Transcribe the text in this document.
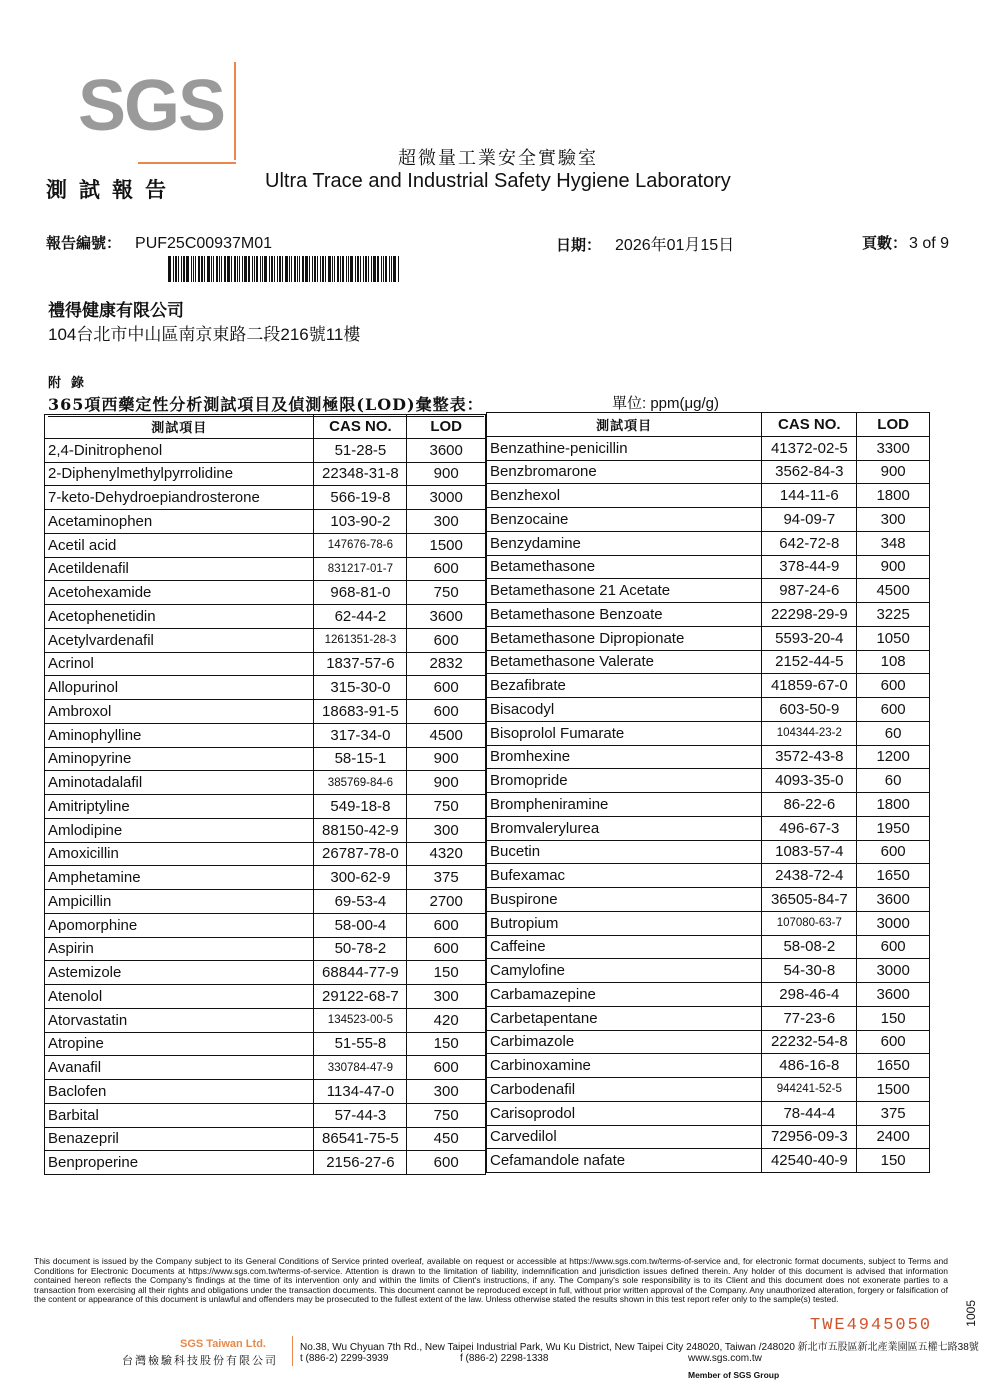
SGS
測試報告
超微量工業安全實驗室
Ultra Trace and Industrial Safety Hygiene Laboratory
報告編號： PUF25C00937M01	日期： 2026年01月15日	頁數： 3 of 9
禮得健康有限公司
104台北市中山區南京東路二段216號11樓
附錄
365項西藥定性分析測試項目及偵測極限(LOD)彙整表：	單位: ppm(μg/g)
測試項目	CAS NO.	LOD
2,4-Dinitrophenol	51-28-5	3600
2-Diphenylmethylpyrrolidine	22348-31-8	900
7-keto-Dehydroepiandrosterone	566-19-8	3000
Acetaminophen	103-90-2	300
Acetil acid	147676-78-6	1500
Acetildenafil	831217-01-7	600
Acetohexamide	968-81-0	750
Acetophenetidin	62-44-2	3600
Acetylvardenafil	1261351-28-3	600
Acrinol	1837-57-6	2832
Allopurinol	315-30-0	600
Ambroxol	18683-91-5	600
Aminophylline	317-34-0	4500
Aminopyrine	58-15-1	900
Aminotadalafil	385769-84-6	900
Amitriptyline	549-18-8	750
Amlodipine	88150-42-9	300
Amoxicillin	26787-78-0	4320
Amphetamine	300-62-9	375
Ampicillin	69-53-4	2700
Apomorphine	58-00-4	600
Aspirin	50-78-2	600
Astemizole	68844-77-9	150
Atenolol	29122-68-7	300
Atorvastatin	134523-00-5	420
Atropine	51-55-8	150
Avanafil	330784-47-9	600
Baclofen	1134-47-0	300
Barbital	57-44-3	750
Benazepril	86541-75-5	450
Benproperine	2156-27-6	600
測試項目	CAS NO.	LOD
Benzathine-penicillin	41372-02-5	3300
Benzbromarone	3562-84-3	900
Benzhexol	144-11-6	1800
Benzocaine	94-09-7	300
Benzydamine	642-72-8	348
Betamethasone	378-44-9	900
Betamethasone 21 Acetate	987-24-6	4500
Betamethasone Benzoate	22298-29-9	3225
Betamethasone Dipropionate	5593-20-4	1050
Betamethasone Valerate	2152-44-5	108
Bezafibrate	41859-67-0	600
Bisacodyl	603-50-9	600
Bisoprolol Fumarate	104344-23-2	60
Bromhexine	3572-43-8	1200
Bromopride	4093-35-0	60
Brompheniramine	86-22-6	1800
Bromvalerylurea	496-67-3	1950
Bucetin	1083-57-4	600
Bufexamac	2438-72-4	1650
Buspirone	36505-84-7	3600
Butropium	107080-63-7	3000
Caffeine	58-08-2	600
Camylofine	54-30-8	3000
Carbamazepine	298-46-4	3600
Carbetapentane	77-23-6	150
Carbimazole	22232-54-8	600
Carbinoxamine	486-16-8	1650
Carbodenafil	944241-52-5	1500
Carisoprodol	78-44-4	375
Carvedilol	72956-09-3	2400
Cefamandole nafate	42540-40-9	150
This document is issued by the Company subject to its General Conditions of Service printed overleaf, available on request or accessible at https://www.sgs.com.tw/terms-of-service and, for electronic format documents, subject to Terms and Conditions for Electronic Documents at https://www.sgs.com.tw/terms-of-service. Attention is drawn to the limitation of liability, indemnification and jurisdiction issues defined therein. Any holder of this document is advised that information contained hereon reflects the Company's findings at the time of its intervention only and within the limits of Client's instructions, if any. The Company's sole responsibility is to its Client and this document does not exonerate parties to a transaction from exercising all their rights and obligations under the transaction documents. This document cannot be reproduced except in full, without prior written approval of the Company. Any unauthorized alteration, forgery or falsification of the content or appearance of this document is unlawful and offenders may be prosecuted to the fullest extent of the law. Unless otherwise stated the results shown in this test report refer only to the sample(s) tested.
TWE4945050	1005
SGS Taiwan Ltd.
台灣檢驗科技股份有限公司
No.38, Wu Chyuan 7th Rd., New Taipei Industrial Park, Wu Ku District, New Taipei City 248020, Taiwan /248020 新北市五股區新北產業園區五權七路38號
t (886-2) 2299-3939	f (886-2) 2298-1338	www.sgs.com.tw
Member of SGS Group
